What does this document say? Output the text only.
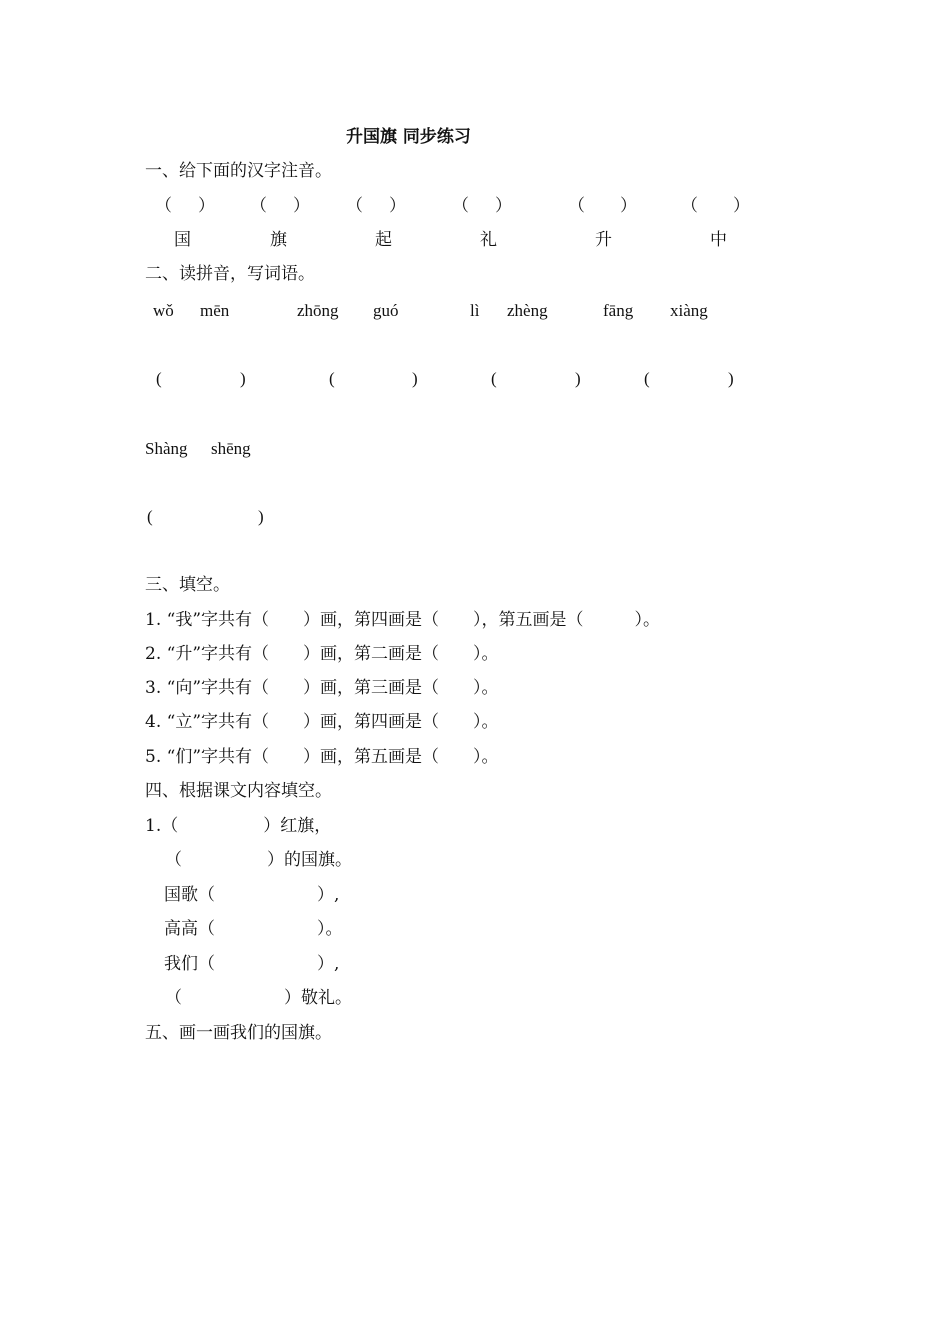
升国旗 同步练习
一、给下面的汉字注音。
（ ） （ ） （ ）	（ ）	（ ）	（ ）
国	旗	起	礼	升	中
二、读拼音，写词语。
wǒ mēn	zhōng guó	lì zhèng	fāng xiàng
(	)	(	)	(	)	(	)
Shàng shēng
(	)
三、填空。
1. “我”字共有（　　）画，第四画是（　　），第五画是（　　　）。
2. “升”字共有（　　）画，第二画是（　　）。
3. “向”字共有（　　）画，第三画是（　　）。
4. “立”字共有（　　）画，第四画是（　　）。
5. “们”字共有（　　）画，第五画是（　　）。
四、根据课文内容填空。
1.（　　　　　）红旗，
（　　　　　）的国旗。
国歌（　　　　　　）,
高高（　　　　　　）。
我们（　　　　　　）,
（　　　　　　）敬礼。
五、画一画我们的国旗。
